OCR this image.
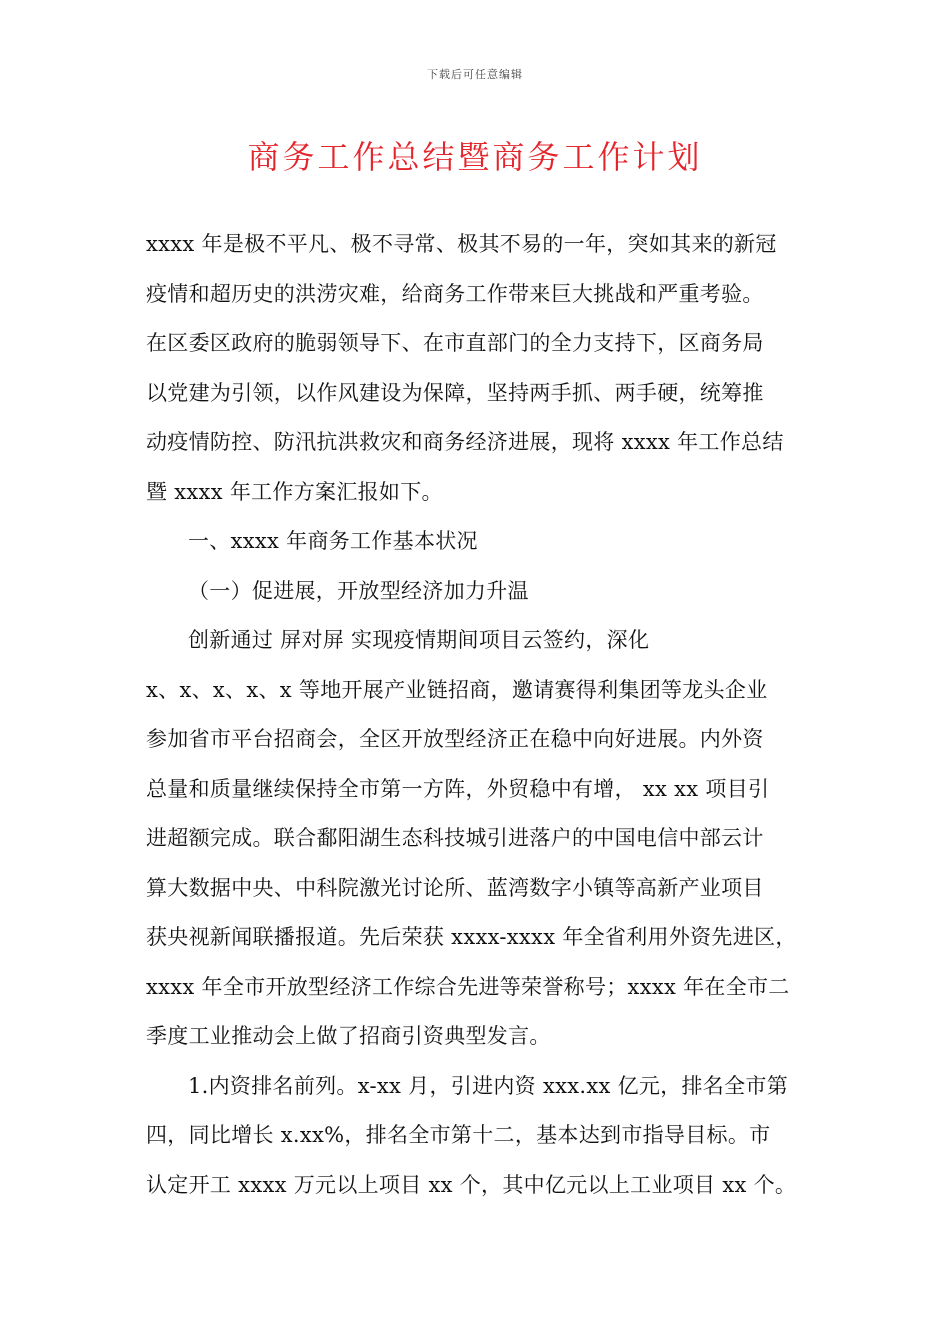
下载后可任意编辑
商务工作总结暨商务工作计划
xxxx 年是极不平凡、极不寻常、极其不易的一年，突如其来的新冠
疫情和超历史的洪涝灾难，给商务工作带来巨大挑战和严重考验。
在区委区政府的脆弱领导下、在市直部门的全力支持下，区商务局
以党建为引领，以作风建设为保障，坚持两手抓、两手硬，统筹推
动疫情防控、防汛抗洪救灾和商务经济进展，现将 xxxx 年工作总结
暨 xxxx 年工作方案汇报如下。
一、xxxx 年商务工作基本状况
（一）促进展，开放型经济加力升温
创新通过 屏对屏 实现疫情期间项目云签约，深化
x、x、x、x、x 等地开展产业链招商，邀请赛得利集团等龙头企业
参加省市平台招商会，全区开放型经济正在稳中向好进展。内外资
总量和质量继续保持全市第一方阵，外贸稳中有增， xx xx 项目引
进超额完成。联合鄱阳湖生态科技城引进落户的中国电信中部云计
算大数据中央、中科院激光讨论所、蓝湾数字小镇等高新产业项目
获央视新闻联播报道。先后荣获 xxxx-xxxx 年全省利用外资先进区，
xxxx 年全市开放型经济工作综合先进等荣誉称号；xxxx 年在全市二
季度工业推动会上做了招商引资典型发言。
1.内资排名前列。x-xx 月，引进内资 xxx.xx 亿元，排名全市第
四，同比增长 x.xx%，排名全市第十二，基本达到市指导目标。市
认定开工 xxxx 万元以上项目 xx 个，其中亿元以上工业项目 xx 个。
